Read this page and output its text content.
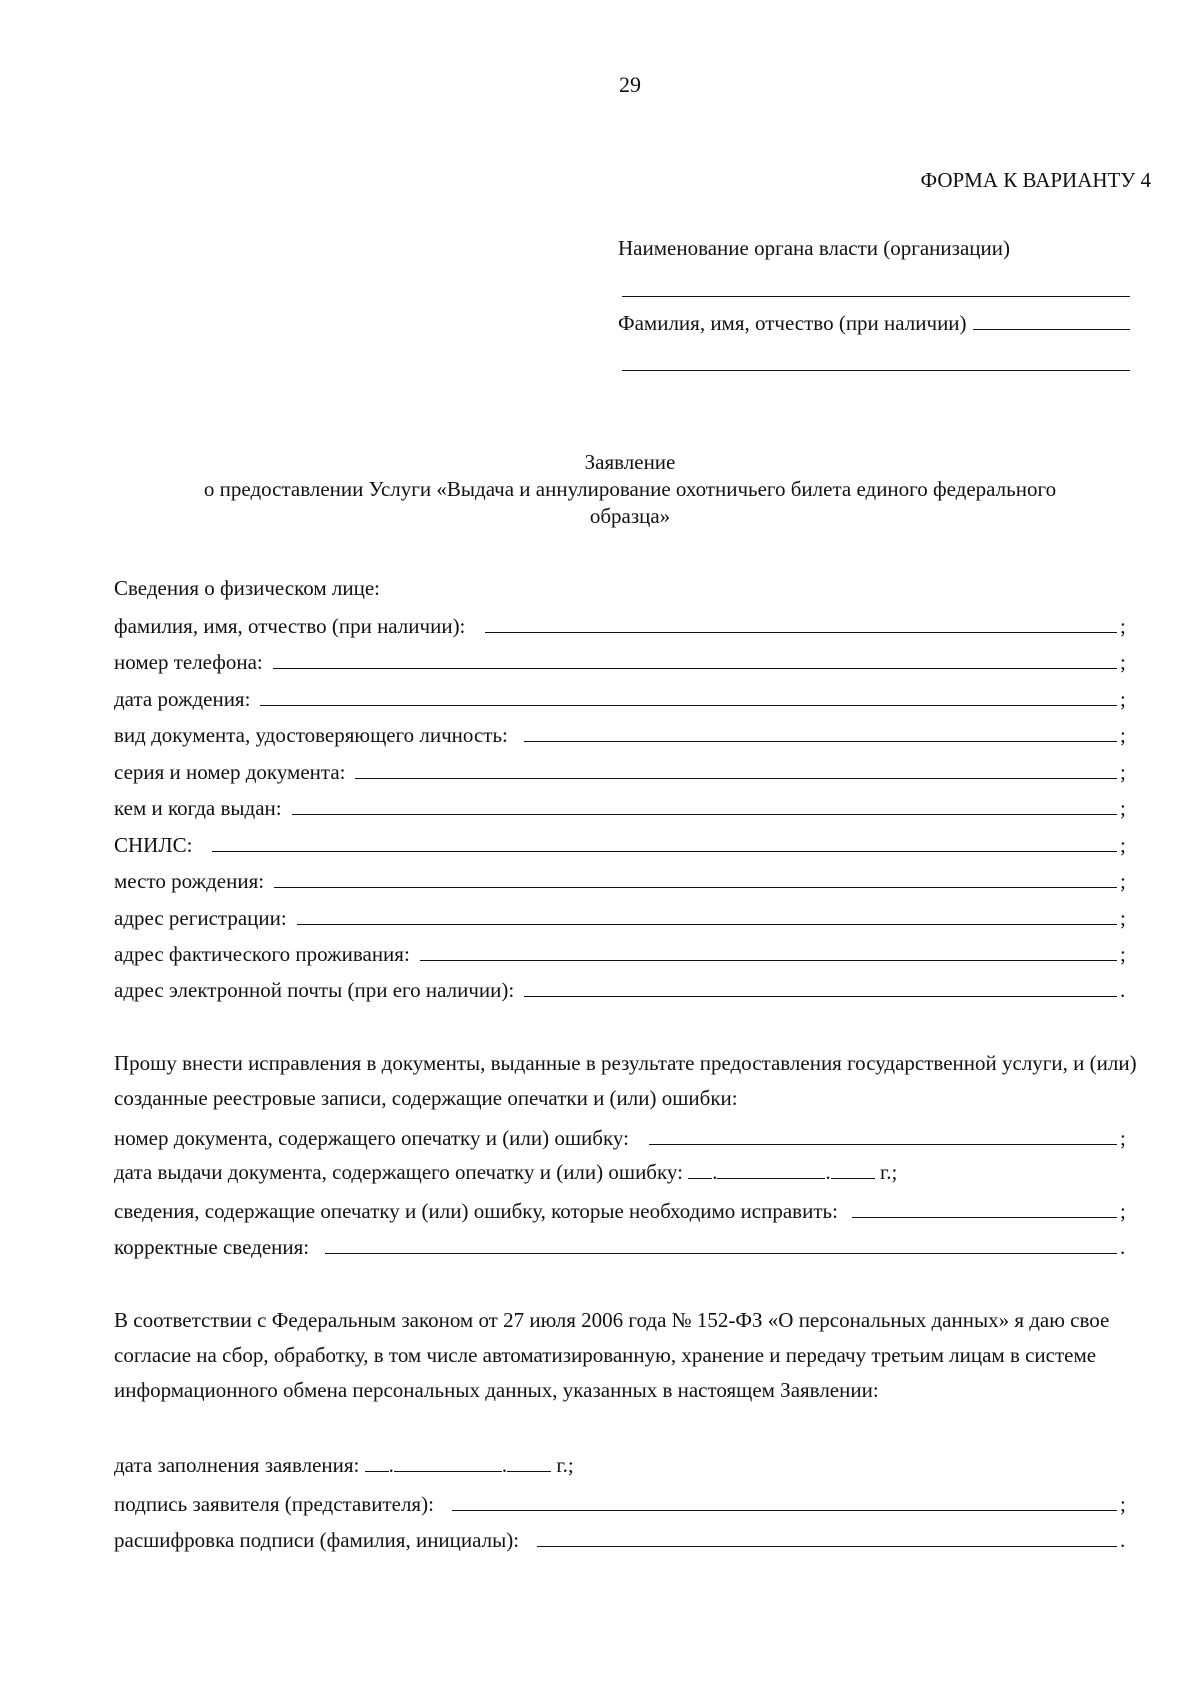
29
ФОРМА К ВАРИАНТУ 4
Наименование органа власти (организации)
Фамилия, имя, отчество (при наличии)
Заявление
о предоставлении Услуги «Выдача и аннулирование охотничьего билета единого федерального
образца»
Сведения о физическом лице:
фамилия, имя, отчество (при наличии):	;
номер телефона:	;
дата рождения:	;
вид документа, удостоверяющего личность:	;
серия и номер документа:	;
кем и когда выдан:	;
СНИЛС:	;
место рождения:	;
адрес регистрации:	;
адрес фактического проживания:	;
адрес электронной почты (при его наличии):	.
Прошу внести исправления в документы, выданные в результате предоставления государственной услуги, и (или) созданные реестровые записи, содержащие опечатки и (или) ошибки:
номер документа, содержащего опечатку и (или) ошибку:	;
дата выдачи документа, содержащего опечатку и (или) ошибку: .	. г.;
сведения, содержащие опечатку и (или) ошибку, которые необходимо исправить:	;
корректные сведения:	.
В соответствии с Федеральным законом от 27 июля 2006 года № 152-ФЗ «О персональных данных» я даю свое согласие на сбор, обработку, в том числе автоматизированную, хранение и передачу третьим лицам в системе информационного обмена персональных данных, указанных в настоящем Заявлении:
дата заполнения заявления: .	. г.;
подпись заявителя (представителя):	;
расшифровка подписи (фамилия, инициалы):	.
